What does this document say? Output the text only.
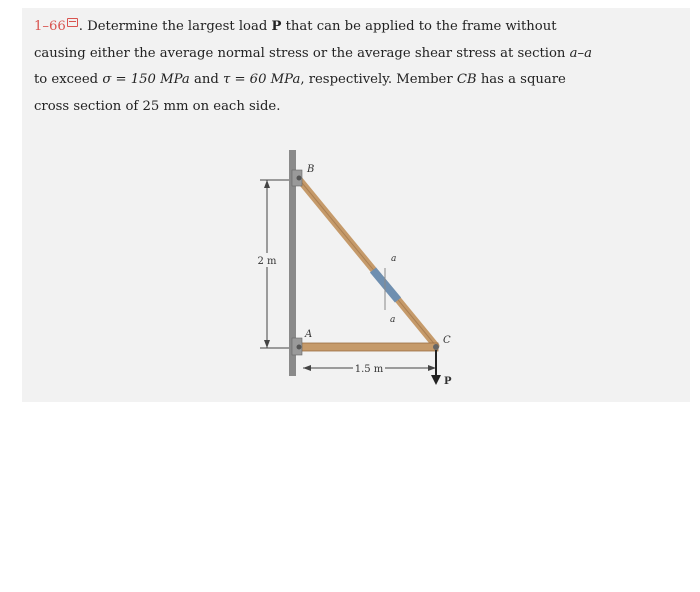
1–66 . Determine the largest load P that can be applied to the frame without
causing either the average normal stress or the average shear stress at section a–a
to exceed σ = 150 MPa and τ = 60 MPa, respectively. Member CB has a square
cross section of 25 mm on each side.

2 m	a
a
B
A
C
1.5 m
P
